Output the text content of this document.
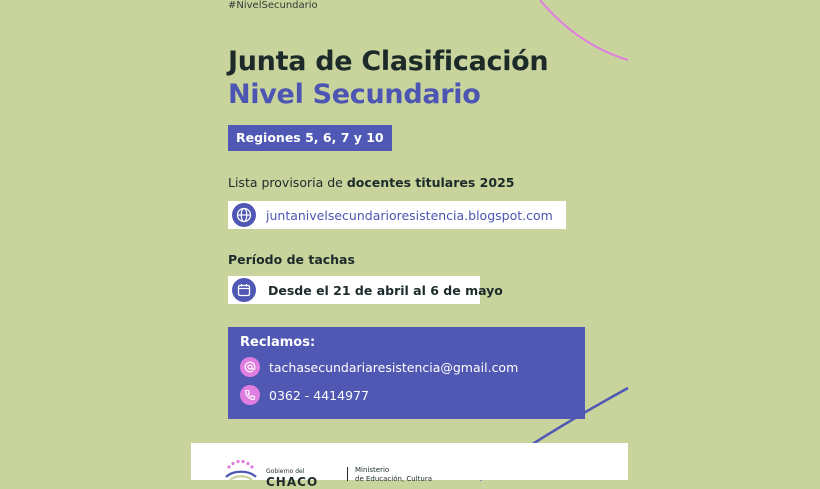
#NivelSecundario
Junta de Clasificación
Nivel Secundario
Regiones 5, 6, 7 y 10
Lista provisoria de docentes titulares 2025
juntanivelsecundarioresistencia.blogspot.com
Período de tachas
Desde el 21 de abril al 6 de mayo
Reclamos:
tachasecundariaresistencia@gmail.com
0362 - 4414977
Gobierno del
CHACO
Ministerio
de Educación, Cultura
